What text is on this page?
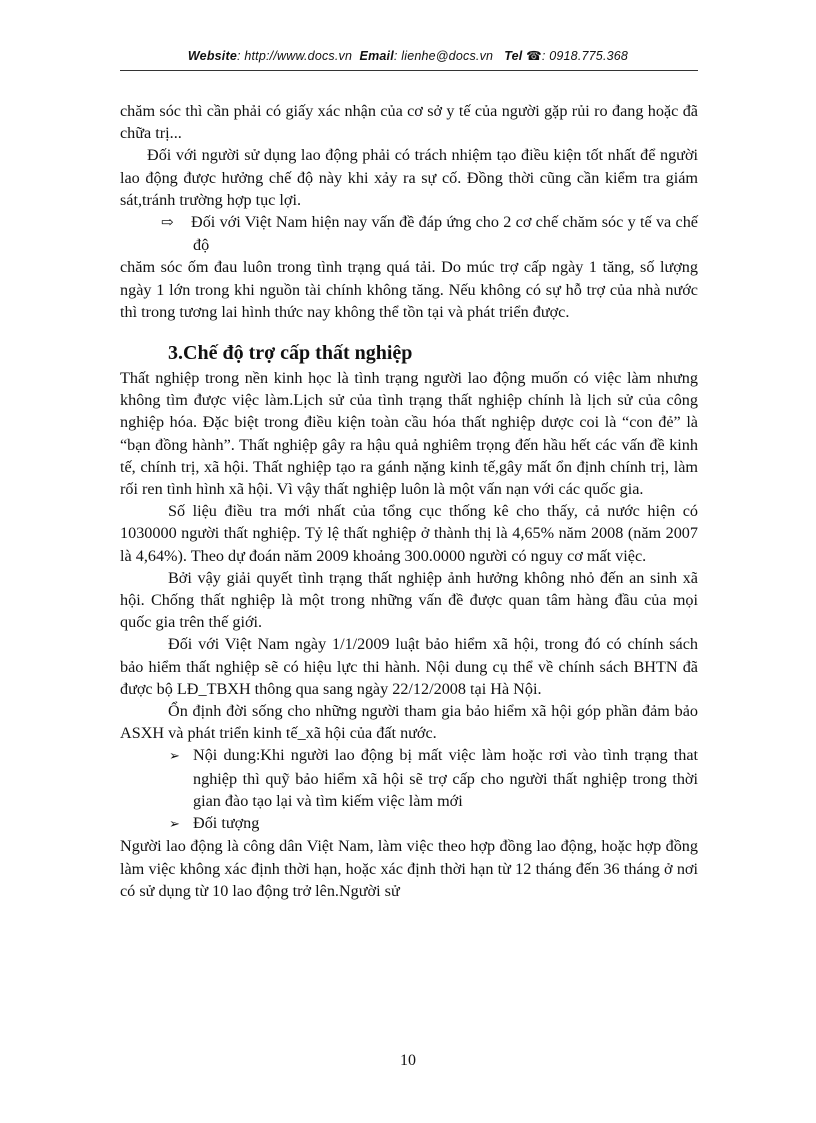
Website: http://www.docs.vn Email: lienhe@docs.vn Tel ☎: 0918.775.368

chăm sóc thì cần phải có giấy xác nhận của cơ sở y tế của người gặp rủi ro đang hoặc đã chữa trị...

Đối với người sử dụng lao động phải có trách nhiệm tạo điều kiện tốt nhất để người lao động được hưởng chế độ này khi xảy ra sự cố. Đồng thời cũng cần kiểm tra giám sát,tránh trường hợp tục lợi.

⇨ Đối với Việt Nam hiện nay vấn đề đáp ứng cho 2 cơ chế chăm sóc y tế va chế độ

chăm sóc ốm đau luôn trong tình trạng quá tải. Do múc trợ cấp ngày 1 tăng, số lượng ngày 1 lớn trong khi nguồn tài chính không tăng. Nếu không có sự hỗ trợ của nhà nước thì trong tương lai hình thức nay không thể tồn tại và phát triển được.

3.Chế độ trợ cấp thất nghiệp

Thất nghiệp trong nền kinh học là tình trạng người lao động muốn có việc làm nhưng không tìm được việc làm.Lịch sử của tình trạng thất nghiệp chính là lịch sử của công nghiệp hóa. Đặc biệt trong điều kiện toàn cầu hóa thất nghiệp dược coi là “con đẻ” là “bạn đồng hành”. Thất nghiệp gây ra hậu quả nghiêm trọng đến hầu hết các vấn đề kinh tế, chính trị, xã hội. Thất nghiệp tạo ra gánh nặng kinh tế,gây mất ổn định chính trị, làm rối ren tình hình xã hội. Vì vậy thất nghiệp luôn là một vấn nạn với các quốc gia.

Số liệu điều tra mới nhất của tổng cục thống kê cho thấy, cả nước hiện có 1030000 người thất nghiệp. Tỷ lệ thất nghiệp ở thành thị là 4,65% năm 2008 (năm 2007 là 4,64%). Theo dự đoán năm 2009 khoảng 300.0000 người có nguy cơ mất việc.

Bởi vậy giải quyết tình trạng thất nghiệp ảnh hưởng không nhỏ đến an sinh xã hội. Chống thất nghiệp là một trong những vấn đề được quan tâm hàng đầu của mọi quốc gia trên thế giới.

Đối với Việt Nam ngày 1/1/2009 luật bảo hiểm xã hội, trong đó có chính sách bảo hiểm thất nghiệp sẽ có hiệu lực thi hành. Nội dung cụ thể về chính sách BHTN đã được bộ LĐ_TBXH thông qua sang ngày 22/12/2008 tại Hà Nội.

Ổn định đời sống cho những người tham gia bảo hiểm xã hội góp phần đảm bảo ASXH và phát triển kinh tế_xã hội của đất nước.

➢ Nội dung:Khi người lao động bị mất việc làm hoặc rơi vào tình trạng that nghiệp thì quỹ bảo hiểm xã hội sẽ trợ cấp cho người thất nghiệp trong thời gian đào tạo lại và tìm kiếm việc làm mới

➢ Đối tượng

Người lao động là công dân Việt Nam, làm việc theo hợp đồng lao động, hoặc hợp đồng làm việc không xác định thời hạn, hoặc xác định thời hạn từ 12 tháng đến 36 tháng ở nơi có sử dụng từ 10 lao động trở lên.Người sử

10
